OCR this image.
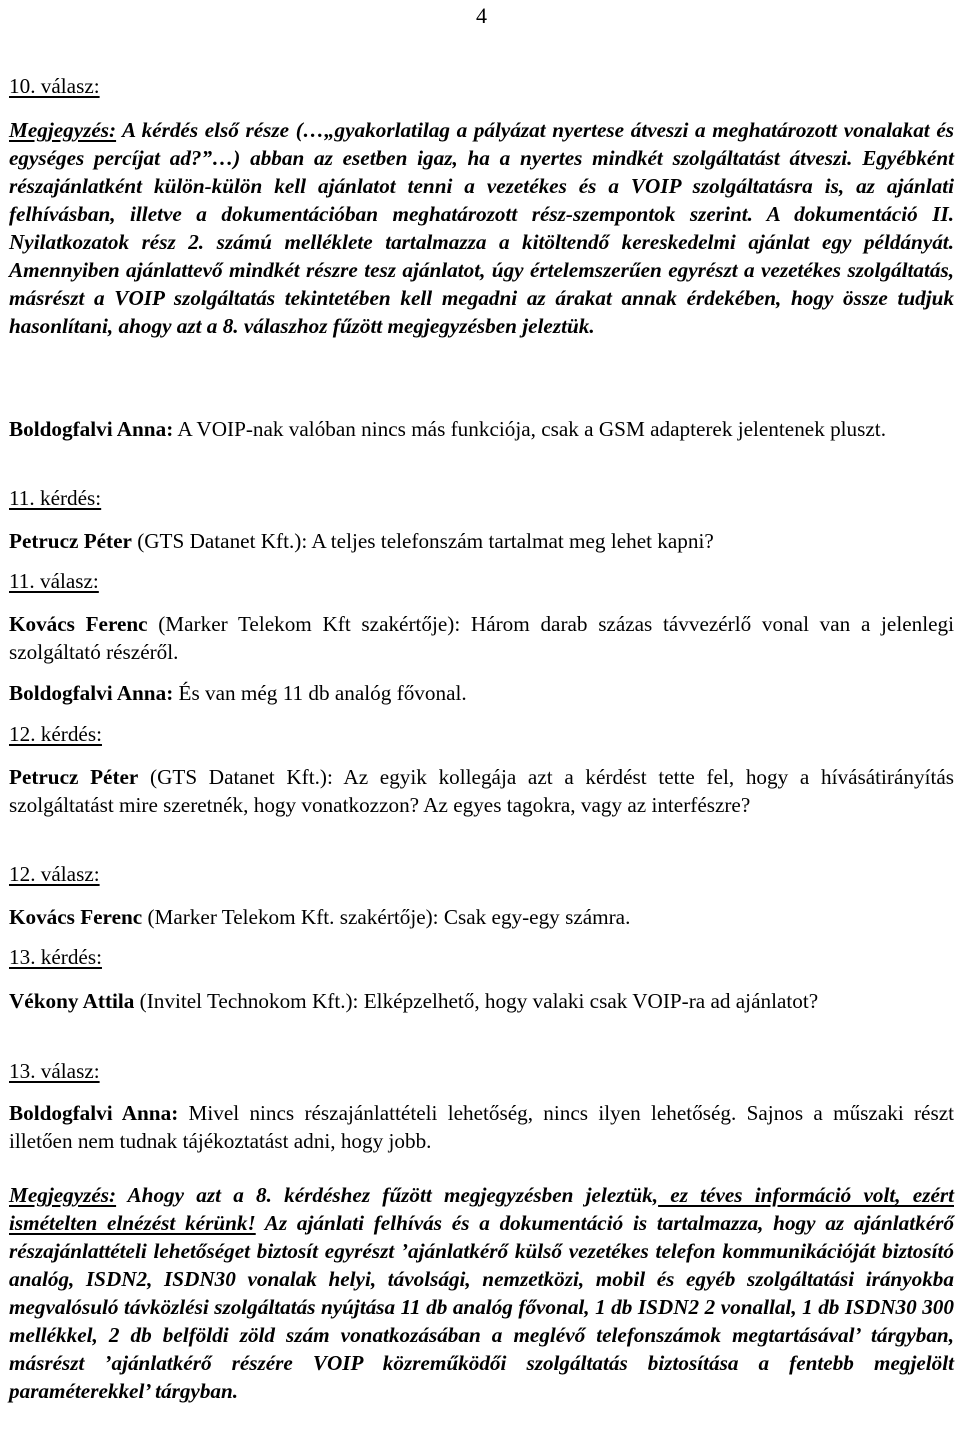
4
10. válasz:
Megjegyzés: A kérdés első része (…„gyakorlatilag a pályázat nyertese átveszi a meghatározott vonalakat és egységes percíjat ad?”…) abban az esetben igaz, ha a nyertes mindkét szolgáltatást átveszi. Egyébként részajánlatként külön-külön kell ajánlatot tenni a vezetékes és a VOIP szolgáltatásra is, az ajánlati felhívásban, illetve a dokumentációban meghatározott rész-szempontok szerint. A dokumentáció II. Nyilatkozatok rész 2. számú melléklete tartalmazza a kitöltendő kereskedelmi ajánlat egy példányát. Amennyiben ajánlattevő mindkét részre tesz ajánlatot, úgy értelemszerűen egyrészt a vezetékes szolgáltatás, másrészt a VOIP szolgáltatás tekintetében kell megadni az árakat annak érdekében, hogy össze tudjuk hasonlítani, ahogy azt a 8. válaszhoz fűzött megjegyzésben jeleztük.
Boldogfalvi Anna: A VOIP-nak valóban nincs más funkciója, csak a GSM adapterek jelentenek pluszt.
11. kérdés:
Petrucz Péter (GTS Datanet Kft.): A teljes telefonszám tartalmat meg lehet kapni?
11. válasz:
Kovács Ferenc (Marker Telekom Kft szakértője): Három darab százas távvezérlő vonal van a jelenlegi szolgáltató részéről.
Boldogfalvi Anna: És van még 11 db analóg fővonal.
12. kérdés:
Petrucz Péter (GTS Datanet Kft.): Az egyik kollegája azt a kérdést tette fel, hogy a hívásátirányítás szolgáltatást mire szeretnék, hogy vonatkozzon? Az egyes tagokra, vagy az interfészre?
12. válasz:
Kovács Ferenc (Marker Telekom Kft. szakértője): Csak egy-egy számra.
13. kérdés:
Vékony Attila (Invitel Technokom Kft.): Elképzelhető, hogy valaki csak VOIP-ra ad ajánlatot?
13. válasz:
Boldogfalvi Anna: Mivel nincs részajánlattételi lehetőség, nincs ilyen lehetőség. Sajnos a műszaki részt illetően nem tudnak tájékoztatást adni, hogy jobb.
Megjegyzés: Ahogy azt a 8. kérdéshez fűzött megjegyzésben jeleztük, ez téves információ volt, ezért ismételten elnézést kérünk! Az ajánlati felhívás és a dokumentáció is tartalmazza, hogy az ajánlatkérő részajánlattételi lehetőséget biztosít egyrészt ’ajánlatkérő külső vezetékes telefon kommunikációját biztosító analóg, ISDN2, ISDN30 vonalak helyi, távolsági, nemzetközi, mobil és egyéb szolgáltatási irányokba megvalósuló távközlési szolgáltatás nyújtása 11 db analóg fővonal, 1 db ISDN2 2 vonallal, 1 db ISDN30 300 mellékkel, 2 db belföldi zöld szám vonatkozásában a meglévő telefonszámok megtartásával’ tárgyban, másrészt ’ajánlatkérő részére VOIP közreműködői szolgáltatás biztosítása a fentebb megjelölt paraméterekkel’ tárgyban.
